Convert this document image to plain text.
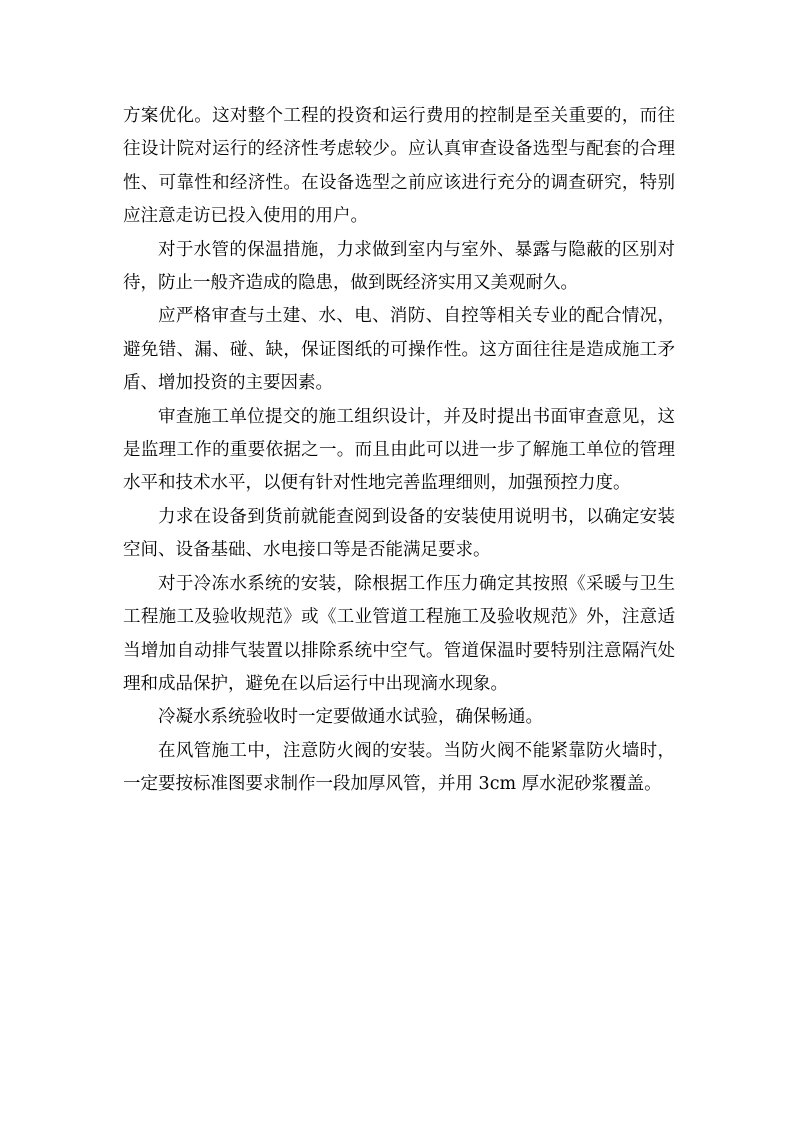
方案优化。这对整个工程的投资和运行费用的控制是至关重要的，而往往设计院对运行的经济性考虑较少。应认真审查设备选型与配套的合理性、可靠性和经济性。在设备选型之前应该进行充分的调查研究，特别应注意走访已投入使用的用户。

对于水管的保温措施，力求做到室内与室外、暴露与隐蔽的区别对待，防止一般齐造成的隐患，做到既经济实用又美观耐久。

应严格审查与土建、水、电、消防、自控等相关专业的配合情况，避免错、漏、碰、缺，保证图纸的可操作性。这方面往往是造成施工矛盾、增加投资的主要因素。

审查施工单位提交的施工组织设计，并及时提出书面审查意见，这是监理工作的重要依据之一。而且由此可以进一步了解施工单位的管理水平和技术水平，以便有针对性地完善监理细则，加强预控力度。

力求在设备到货前就能查阅到设备的安装使用说明书，以确定安装空间、设备基础、水电接口等是否能满足要求。

对于冷冻水系统的安装，除根据工作压力确定其按照《采暖与卫生工程施工及验收规范》或《工业管道工程施工及验收规范》外，注意适当增加自动排气装置以排除系统中空气。管道保温时要特别注意隔汽处理和成品保护，避免在以后运行中出现滴水现象。

冷凝水系统验收时一定要做通水试验，确保畅通。

在风管施工中，注意防火阀的安装。当防火阀不能紧靠防火墙时，一定要按标准图要求制作一段加厚风管，并用 3cm 厚水泥砂浆覆盖。
